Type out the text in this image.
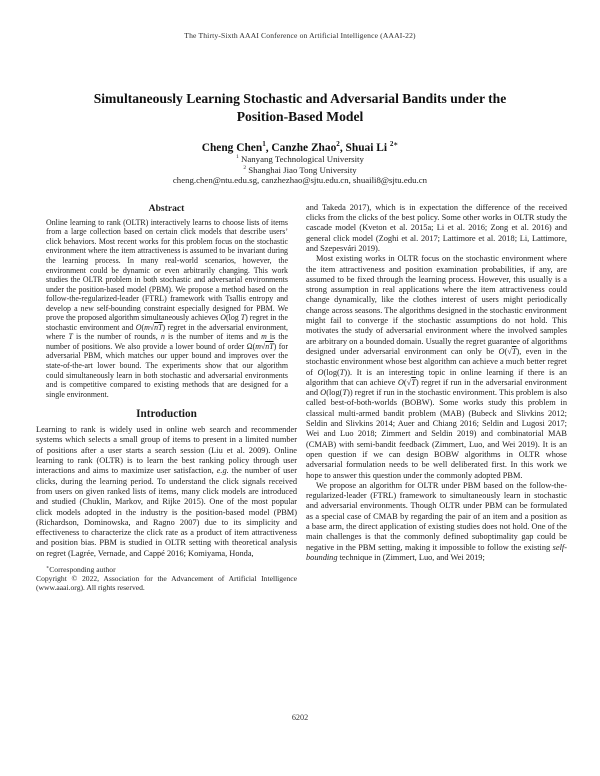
The Thirty-Sixth AAAI Conference on Artificial Intelligence (AAAI-22)
Simultaneously Learning Stochastic and Adversarial Bandits under the Position-Based Model
Cheng Chen$^1$, Canzhe Zhao$^2$, Shuai Li $^{2∗}$
$^1$ Nanyang Technological University
$^2$ Shanghai Jiao Tong University
cheng.chen@ntu.edu.sg, canzhezhao@sjtu.edu.cn, shuaili8@sjtu.edu.cn
Abstract
Online learning to rank (OLTR) interactively learns to choose lists of items from a large collection based on certain click models that describe users’ click behaviors. Most recent works for this problem focus on the stochastic environment where the item attractiveness is assumed to be invariant during the learning process. In many real-world scenarios, however, the environment could be dynamic or even arbitrarily changing. This work studies the OLTR problem in both stochastic and adversarial environments under the position-based model (PBM). We propose a method based on the follow-the-regularized-leader (FTRL) framework with Tsallis entropy and develop a new self-bounding constraint especially designed for PBM. We prove the proposed algorithm simultaneously achieves O(log T) regret in the stochastic environment and O(m√nT) regret in the adversarial environment, where T is the number of rounds, n is the number of items and m is the number of positions. We also provide a lower bound of order Ω(m√nT) for adversarial PBM, which matches our upper bound and improves over the state-of-the-art lower bound. The experiments show that our algorithm could simultaneously learn in both stochastic and adversarial environments and is competitive compared to existing methods that are designed for a single environment.
Introduction

Learning to rank is widely used in online web search and recommender systems which selects a small group of items to present in a limited number of positions after a user starts a search session (Liu et al. 2009). Online learning to rank (OLTR) is to learn the best ranking policy through user interactions and aims to maximize user satisfaction, e.g. the number of user clicks, during the learning period. To understand the click signals received from users on given ranked lists of items, many click models are introduced and studied (Chuklin, Markov, and Rijke 2015). One of the most popular click models adopted in the industry is the position-based model (PBM) (Richardson, Dominowska, and Ragno 2007) due to its simplicity and effectiveness to characterize the click rate as a product of item attractiveness and position bias. PBM is studied in OLTR setting with theoretical analysis on regret (Lagrée, Vernade, and Cappé 2016; Komiyama, Honda,

∗Corresponding author

Copyright © 2022, Association for the Advancement of Artificial Intelligence (www.aaai.org). All rights reserved.

and Takeda 2017), which is in expectation the difference of the received clicks from the clicks of the best policy. Some other works in OLTR study the cascade model (Kveton et al. 2015a; Li et al. 2016; Zong et al. 2016) and general click model (Zoghi et al. 2017; Lattimore et al. 2018; Li, Lattimore, and Szepesvári 2019).

Most existing works in OLTR focus on the stochastic environment where the item attractiveness and position examination probabilities, if any, are assumed to be fixed through the learning process. However, this usually is a strong assumption in real applications where the item attractiveness could change dynamically, like the clothes interest of users might periodically change across seasons. The algorithms designed in the stochastic environment might fail to converge if the stochastic assumptions do not hold. This motivates the study of adversarial environment where the involved samples are arbitrary on a bounded domain. Usually the regret guarantee of algorithms designed under adversarial environment can only be O(√T), even in the stochastic environment whose best algorithm can achieve a much better regret of O(log(T)). It is an interesting topic in online learning if there is an algorithm that can achieve O(√T) regret if run in the adversarial environment and O(log(T)) regret if run in the stochastic environment. This problem is also called best-of-both-worlds (BOBW). Some works study this problem in classical multi-armed bandit problem (MAB) (Bubeck and Slivkins 2012; Seldin and Slivkins 2014; Auer and Chiang 2016; Seldin and Lugosi 2017; Wei and Luo 2018; Zimmert and Seldin 2019) and combinatorial MAB (CMAB) with semi-bandit feedback (Zimmert, Luo, and Wei 2019). It is an open question if we can design BOBW algorithms in OLTR whose adversarial formulation needs to be well deliberated first. In this work we hope to answer this question under the commonly adopted PBM.

We propose an algorithm for OLTR under PBM based on the follow-the-regularized-leader (FTRL) framework to simultaneously learn in stochastic and adversarial environments. Though OLTR under PBM can be formulated as a special case of CMAB by regarding the pair of an item and a position as a base arm, the direct application of existing studies does not hold. One of the main challenges is that the commonly defined suboptimality gap could be negative in the PBM setting, making it impossible to follow the existing self-bounding technique in (Zimmert, Luo, and Wei 2019;

6202
